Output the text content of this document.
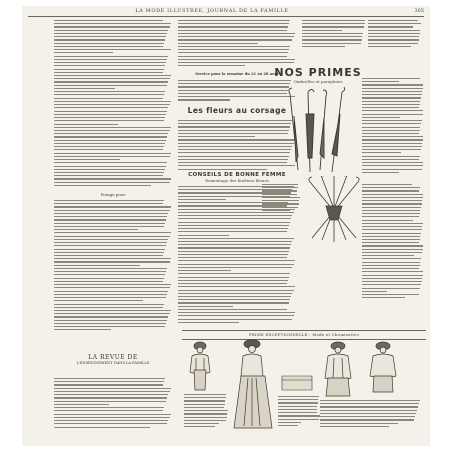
LA MODE ILLUSTRÉE, JOURNAL DE LA FAMILLE	305
Potage pour
LA REVUE DE
L'ENSEIGNEMENT DANS LA FAMILLE
Service pour la semaine du 21 au 28 août
Les fleurs au corsage
CONSEILS DE BONNE FEMME
Remontage des fenêtres bleues
NOS PRIMES
Ombrelles et parapluies
·
PRIME EXCEPTIONNELLE : Mode et Chemisettes
